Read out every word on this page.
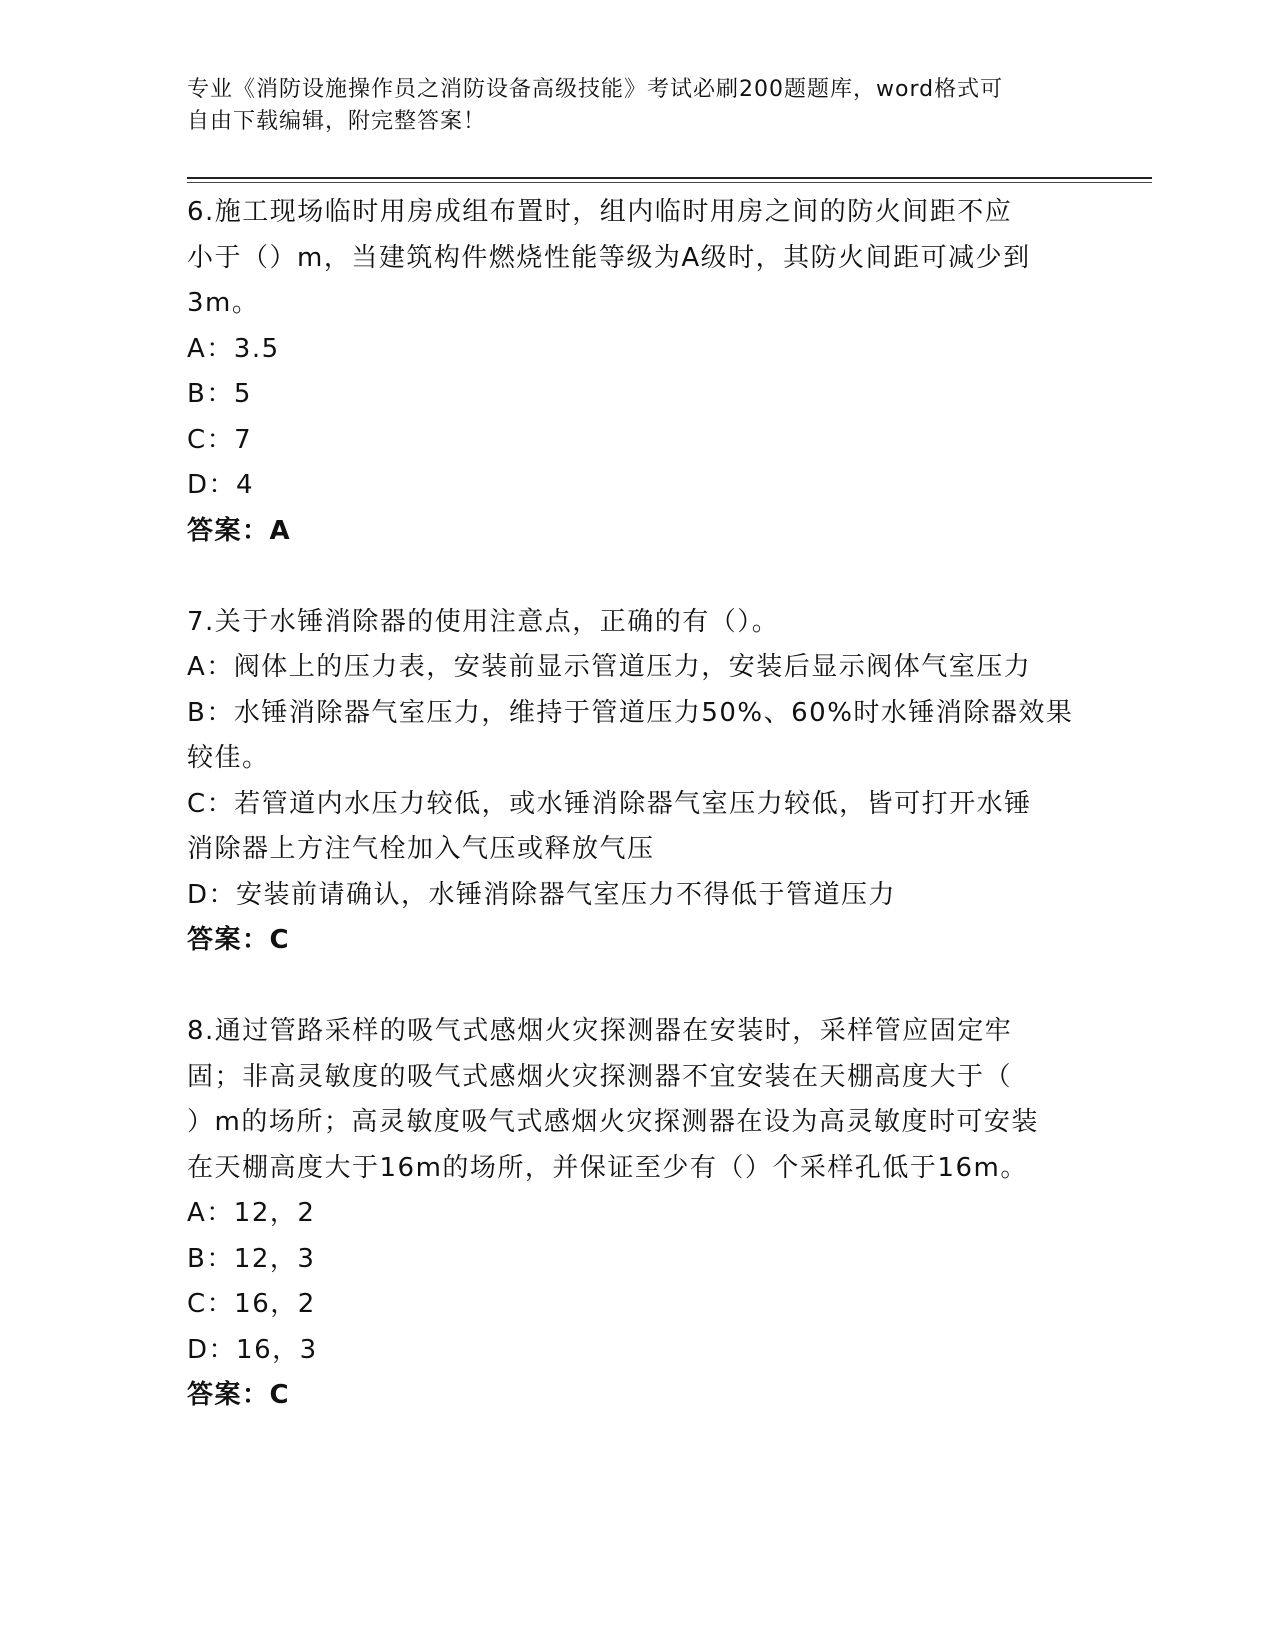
专业《消防设施操作员之消防设备高级技能》考试必刷200题题库，word格式可
自由下载编辑，附完整答案！
6.施工现场临时用房成组布置时，组内临时用房之间的防火间距不应
小于（）m，当建筑构件燃烧性能等级为A级时，其防火间距可减少到
3m。
A：3.5
B：5
C：7
D：4
答案：A
7.关于水锤消除器的使用注意点，正确的有（）。
A：阀体上的压力表，安装前显示管道压力，安装后显示阀体气室压力
B：水锤消除器气室压力，维持于管道压力50%、60%时水锤消除器效果
较佳。
C：若管道内水压力较低，或水锤消除器气室压力较低，皆可打开水锤
消除器上方注气栓加入气压或释放气压
D：安装前请确认，水锤消除器气室压力不得低于管道压力
答案：C
8.通过管路采样的吸气式感烟火灾探测器在安装时，采样管应固定牢
固；非高灵敏度的吸气式感烟火灾探测器不宜安装在天棚高度大于（
）m的场所；高灵敏度吸气式感烟火灾探测器在设为高灵敏度时可安装
在天棚高度大于16m的场所，并保证至少有（）个采样孔低于16m。
A：12，2
B：12，3
C：16，2
D：16，3
答案：C
